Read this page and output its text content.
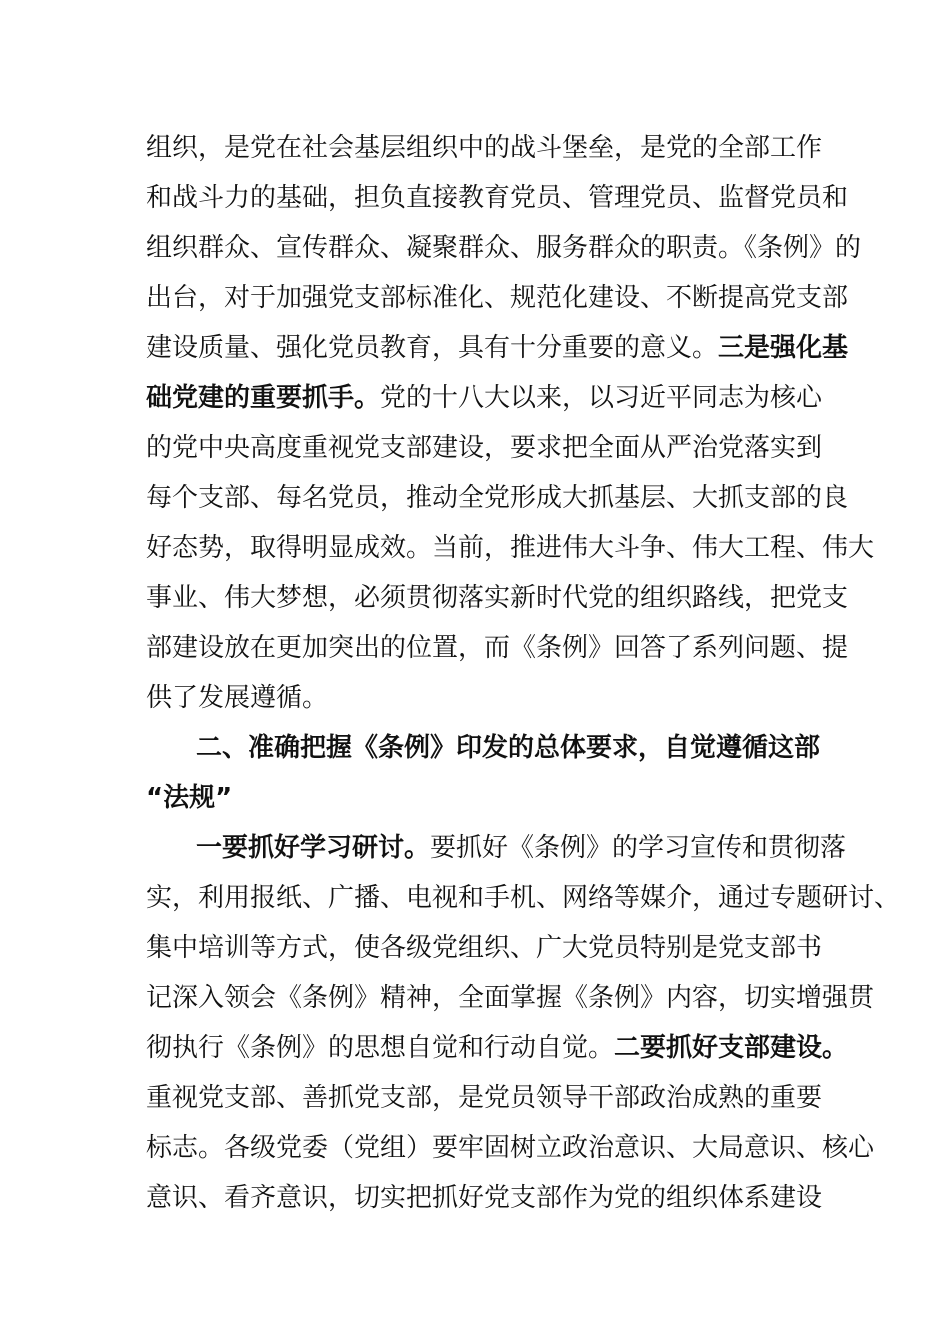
组织，是党在社会基层组织中的战斗堡垒，是党的全部工作
和战斗力的基础，担负直接教育党员、管理党员、监督党员和
组织群众、宣传群众、凝聚群众、服务群众的职责。《条例》的
出台，对于加强党支部标准化、规范化建设、不断提高党支部
建设质量、强化党员教育，具有十分重要的意义。三是强化基
础党建的重要抓手。党的十八大以来，以习近平同志为核心
的党中央高度重视党支部建设，要求把全面从严治党落实到
每个支部、每名党员，推动全党形成大抓基层、大抓支部的良
好态势，取得明显成效。当前，推进伟大斗争、伟大工程、伟大
事业、伟大梦想，必须贯彻落实新时代党的组织路线，把党支
部建设放在更加突出的位置，而《条例》回答了系列问题、提
供了发展遵循。
二、准确把握《条例》印发的总体要求，自觉遵循这部
“法规”
一要抓好学习研讨。要抓好《条例》的学习宣传和贯彻落
实，利用报纸、广播、电视和手机、网络等媒介，通过专题研讨、
集中培训等方式，使各级党组织、广大党员特别是党支部书
记深入领会《条例》精神，全面掌握《条例》内容，切实增强贯
彻执行《条例》的思想自觉和行动自觉。二要抓好支部建设。
重视党支部、善抓党支部，是党员领导干部政治成熟的重要
标志。各级党委（党组）要牢固树立政治意识、大局意识、核心
意识、看齐意识，切实把抓好党支部作为党的组织体系建设
